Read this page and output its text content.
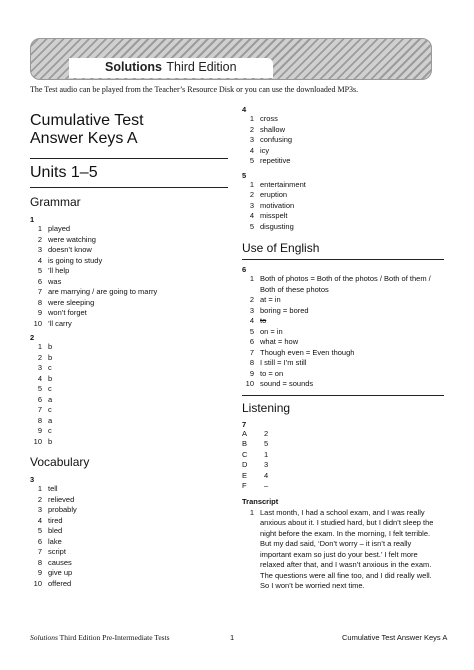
Solutions Third Edition
The Test audio can be played from the Teacher’s Resource Disk or you can use the downloaded MP3s.
Cumulative Test
Answer Keys A
Units 1–5
Grammar
1
1 played
2 were watching
3 doesn’t know
4 is going to study
5 ’ll help
6 was
7 are marrying / are going to marry
8 were sleeping
9 won’t forget
10 ’ll carry
2
1 b
2 b
3 c
4 b
5 c
6 a
7 c
8 a
9 c
10 b
Vocabulary
3
1 tell
2 relieved
3 probably
4 tired
5 bled
6 lake
7 script
8 causes
9 give up
10 offered
4
1 cross
2 shallow
3 confusing
4 icy
5 repetitive
5
1 entertainment
2 eruption
3 motivation
4 misspelt
5 disgusting
Use of English
6
1 Both of photos = Both of the photos / Both of them /
Both of these photos
2 at = in
3 boring = bored
4 to
5 on = in
6 what = how
7 Though even = Even though
8 I still = I’m still
9 to = on
10 sound = sounds
Listening
7
A	2
B	5
C	1
D	3
E	4
F	–
Transcript
1 Last month, I had a school exam, and I was really
anxious about it. I studied hard, but I didn’t sleep the
night before the exam. In the morning, I felt terrible.
But my dad said, ‘Don’t worry – it isn’t a really
important exam so just do your best.’ I felt more
relaxed after that, and I wasn’t anxious in the exam.
The questions were all fine too, and I did really well.
So I won’t be worried next time.
Solutions Third Edition Pre-Intermediate Tests	1	Cumulative Test Answer Keys A
